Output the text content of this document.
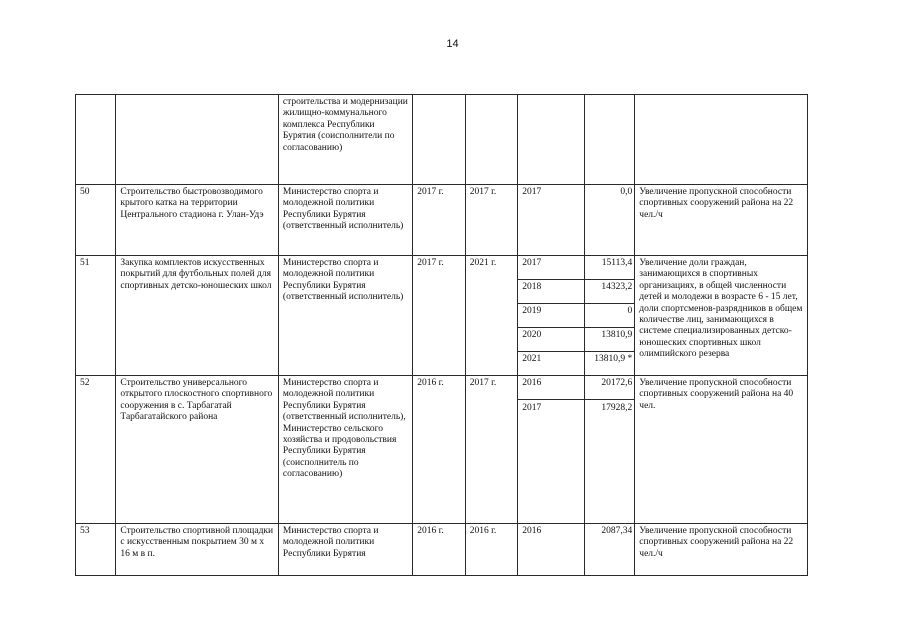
14
		строительства и модернизации жилищно-коммунального комплекса Республики Бурятия (соисполнители по согласованию)					
50	Строительство быстровозводимого крытого катка на территории Центрального стадиона г. Улан-Удэ	Министерство спорта и молодежной политики Республики Бурятия (ответственный исполнитель)	2017 г.	2017 г.	2017	0,0	Увеличение пропускной способности спортивных сооружений района на 22 чел./ч
51	Закупка комплектов искусственных покрытий для футбольных полей для спортивных детско-юношеских школ	Министерство спорта и молодежной политики Республики Бурятия (ответственный исполнитель)	2017 г.	2021 г.	2017	15113,4	Увеличение доли граждан, занимающихся в спортивных организациях, в общей численности детей и молодежи в возрасте 6 - 15 лет, доли спортсменов-разрядников в общем количестве лиц, занимающихся в системе специализированных детско-юношеских спортивных школ олимпийского резерва
					2018	14323,2	
					2019	0	
					2020	13810,9	
					2021	13810,9 *	
52	Строительство универсального открытого плоскостного спортивного сооружения в с. Тарбагатай Тарбагатайского района	Министерство спорта и молодежной политики Республики Бурятия (ответственный исполнитель), Министерство сельского хозяйства и продовольствия Республики Бурятия (соисполнитель по согласованию)	2016 г.	2017 г.	2016	20172,6	Увеличение пропускной способности спортивных сооружений района на 40 чел.
					2017	17928,2	
53	Строительство спортивной площадки с искусственным покрытием 30 м х 16 м в п.	Министерство спорта и молодежной политики Республики Бурятия	2016 г.	2016 г.	2016	2087,34	Увеличение пропускной способности спортивных сооружений района на 22 чел./ч
